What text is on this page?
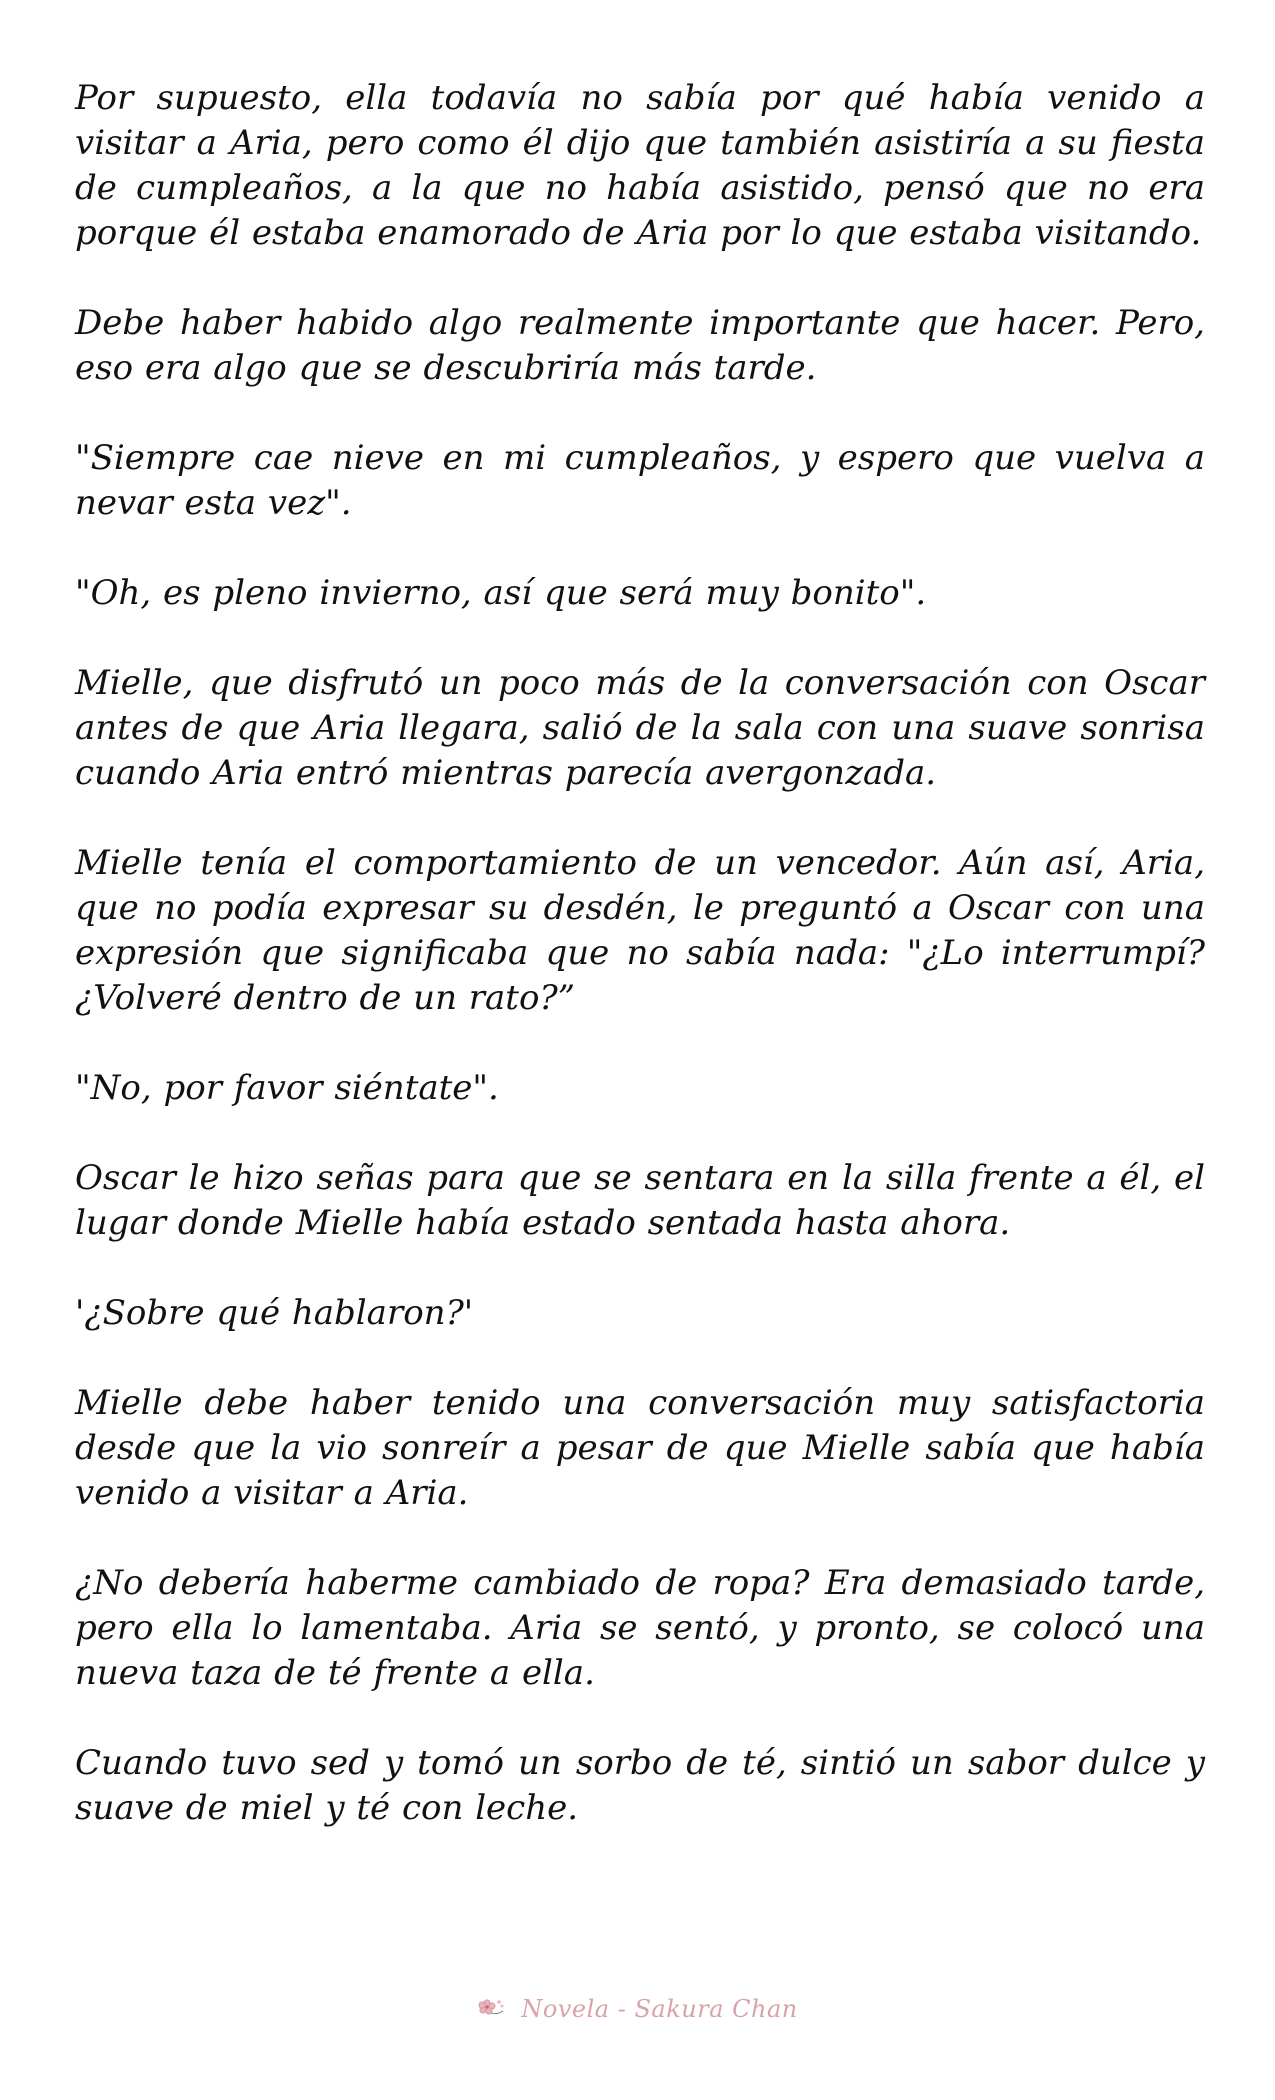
Por supuesto, ella todavía no sabía por qué había venido a visitar a Aria, pero como él dijo que también asistiría a su fiesta de cumpleaños, a la que no había asistido, pensó que no era porque él estaba enamorado de Aria por lo que estaba visitando.

Debe haber habido algo realmente importante que hacer. Pero, eso era algo que se descubriría más tarde.

"Siempre cae nieve en mi cumpleaños, y espero que vuelva a nevar esta vez".

"Oh, es pleno invierno, así que será muy bonito".

Mielle, que disfrutó un poco más de la conversación con Oscar antes de que Aria llegara, salió de la sala con una suave sonrisa cuando Aria entró mientras parecía avergonzada.

Mielle tenía el comportamiento de un vencedor. Aún así, Aria, que no podía expresar su desdén, le preguntó a Oscar con una expresión que significaba que no sabía nada: "¿Lo interrumpí? ¿Volveré dentro de un rato?”

"No, por favor siéntate".

Oscar le hizo señas para que se sentara en la silla frente a él, el lugar donde Mielle había estado sentada hasta ahora.

'¿Sobre qué hablaron?'

Mielle debe haber tenido una conversación muy satisfactoria desde que la vio sonreír a pesar de que Mielle sabía que había venido a visitar a Aria.

¿No debería haberme cambiado de ropa? Era demasiado tarde, pero ella lo lamentaba. Aria se sentó, y pronto, se colocó una nueva taza de té frente a ella.

Cuando tuvo sed y tomó un sorbo de té, sintió un sabor dulce y suave de miel y té con leche.

Novela - Sakura Chan
